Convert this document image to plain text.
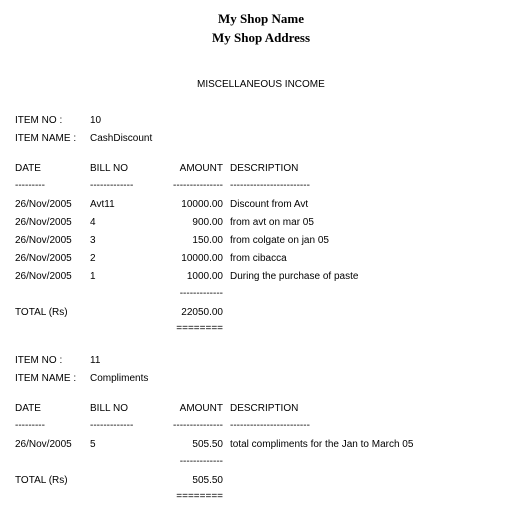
My Shop Name
My Shop Address
MISCELLANEOUS INCOME
ITEM NO :	10
ITEM NAME : CashDiscount
DATE	BILL NO	AMOUNT DESCRIPTION
---------	-------------	--------------- ------------------------
26/Nov/2005 Avt11	10000.00 Discount from Avt
26/Nov/2005 4	900.00 from avt on mar 05
26/Nov/2005 3	150.00 from colgate on jan 05
26/Nov/2005 2	10000.00 from cibacca
26/Nov/2005 1	1000.00 During the purchase of paste
-------------
TOTAL (Rs)	22050.00
========
ITEM NO :	11
ITEM NAME : Compliments
DATE	BILL NO	AMOUNT DESCRIPTION
---------	-------------	--------------- ------------------------
26/Nov/2005 5	505.50 total compliments for the Jan to March 05
-------------
TOTAL (Rs)	505.50
========
